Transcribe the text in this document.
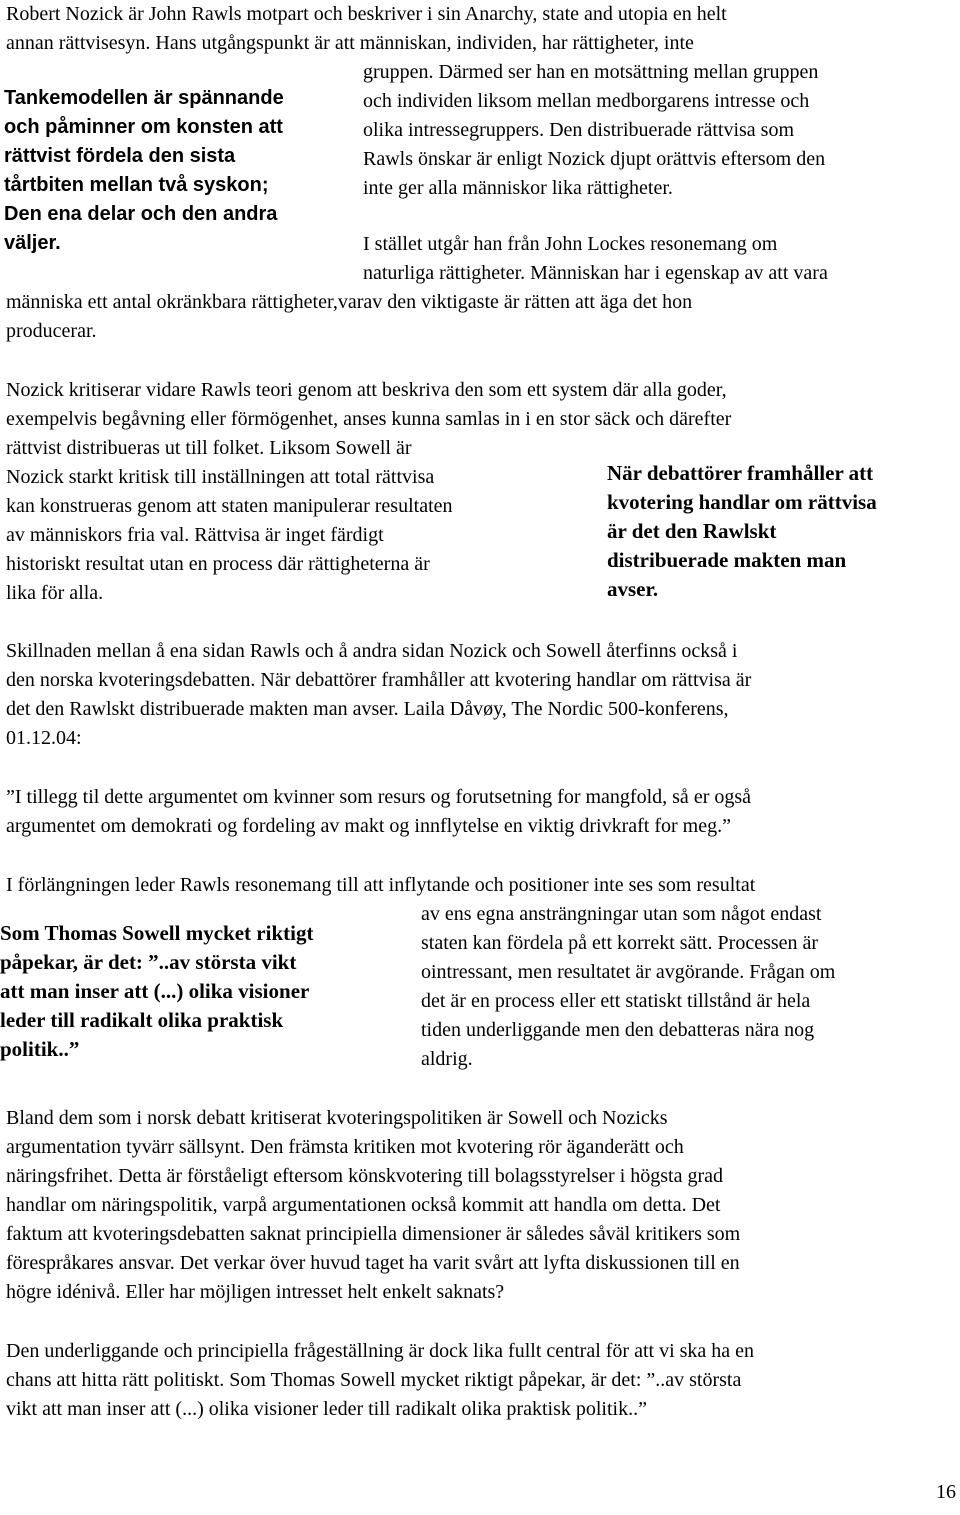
Robert Nozick är John Rawls motpart och beskriver i sin Anarchy, state and utopia en helt
annan rättvisesyn. Hans utgångspunkt är att människan, individen, har rättigheter, inte
gruppen. Därmed ser han en motsättning mellan gruppen
och individen liksom mellan medborgarens intresse och
olika intressegruppers. Den distribuerade rättvisa som
Rawls önskar är enligt Nozick djupt orättvis eftersom den
inte ger alla människor lika rättigheter.
Tankemodellen är spännande
och påminner om konsten att
rättvist fördela den sista
tårtbiten mellan två syskon;
Den ena delar och den andra
väljer.	I stället utgår han från John Lockes resonemang om
naturliga rättigheter. Människan har i egenskap av att vara
människa ett antal okränkbara rättigheter,varav den viktigaste är rätten att äga det hon
producerar.
Nozick kritiserar vidare Rawls teori genom att beskriva den som ett system där alla goder,
exempelvis begåvning eller förmögenhet, anses kunna samlas in i en stor säck och därefter
rättvist distribueras ut till folket. Liksom Sowell är
Nozick starkt kritisk till inställningen att total rättvisa
kan konstrueras genom att staten manipulerar resultaten
av människors fria val. Rättvisa är inget färdigt
historiskt resultat utan en process där rättigheterna är
lika för alla.
När debattörer framhåller att
kvotering handlar om rättvisa
är det den Rawlskt
distribuerade makten man
avser.
Skillnaden mellan å ena sidan Rawls och å andra sidan Nozick och Sowell återfinns också i
den norska kvoteringsdebatten. När debattörer framhåller att kvotering handlar om rättvisa är
det den Rawlskt distribuerade makten man avser. Laila Dåvøy, The Nordic 500-konferens,
01.12.04:
”I tillegg til dette argumentet om kvinner som resurs og forutsetning for mangfold, så er også
argumentet om demokrati og fordeling av makt og innflytelse en viktig drivkraft for meg.”
I förlängningen leder Rawls resonemang till att inflytande och positioner inte ses som resultat
av ens egna ansträngningar utan som något endast
staten kan fördela på ett korrekt sätt. Processen är
ointressant, men resultatet är avgörande. Frågan om
det är en process eller ett statiskt tillstånd är hela
tiden underliggande men den debatteras nära nog
aldrig.
Som Thomas Sowell mycket riktigt
påpekar, är det: ”..av största vikt
att man inser att (...) olika visioner
leder till radikalt olika praktisk
politik..”
Bland dem som i norsk debatt kritiserat kvoteringspolitiken är Sowell och Nozicks
argumentation tyvärr sällsynt. Den främsta kritiken mot kvotering rör äganderätt och
näringsfrihet. Detta är förståeligt eftersom könskvotering till bolagsstyrelser i högsta grad
handlar om näringspolitik, varpå argumentationen också kommit att handla om detta. Det
faktum att kvoteringsdebatten saknat principiella dimensioner är således såväl kritikers som
förespråkares ansvar. Det verkar över huvud taget ha varit svårt att lyfta diskussionen till en
högre idénivå. Eller har möjligen intresset helt enkelt saknats?
Den underliggande och principiella frågeställning är dock lika fullt central för att vi ska ha en
chans att hitta rätt politiskt. Som Thomas Sowell mycket riktigt påpekar, är det: ”..av största
vikt att man inser att (...) olika visioner leder till radikalt olika praktisk politik..”
16
